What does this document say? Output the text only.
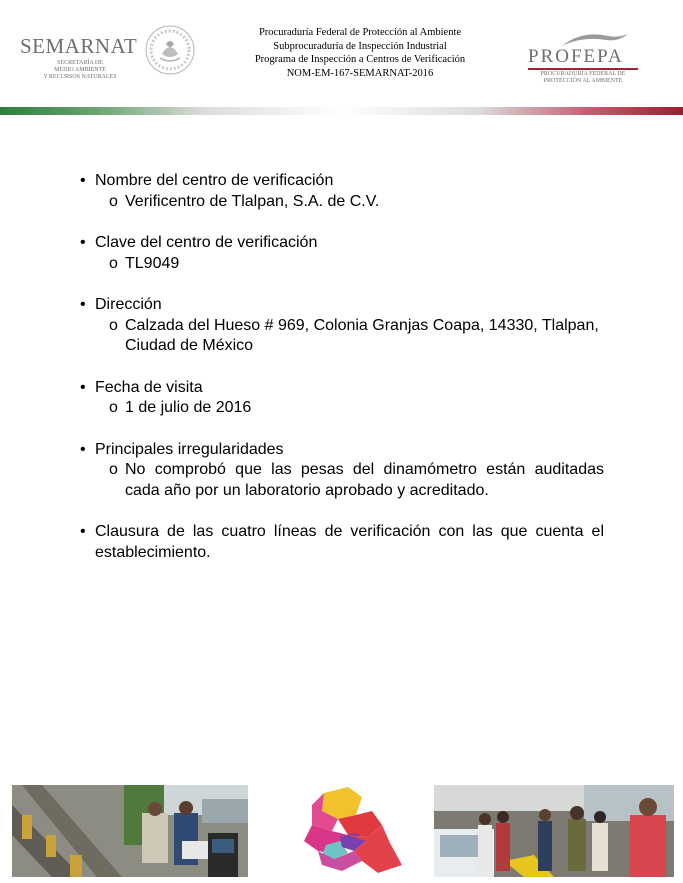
SEMARNAT
SECRETARÍA DE
MEDIO AMBIENTE
Y RECURSOS NATURALES
Procuraduría Federal de Protección al Ambiente
Subprocuraduría de Inspección Industrial
Programa de Inspección a Centros de Verificación
NOM-EM-167-SEMARNAT-2016
PROFEPA
PROCURADURÍA FEDERAL DE
PROTECCIÓN AL AMBIENTE
• Nombre del centro de verificación
o Verificentro de Tlalpan, S.A. de C.V.
• Clave del centro de verificación
o TL9049
• Dirección
o Calzada del Hueso # 969, Colonia Granjas Coapa, 14330, Tlalpan, Ciudad de México
• Fecha de visita
o 1 de julio de 2016
• Principales irregularidades
o No comprobó que las pesas del dinamómetro están auditadas cada año por un laboratorio aprobado y acreditado.
• Clausura de las cuatro líneas de verificación con las que cuenta el establecimiento.
